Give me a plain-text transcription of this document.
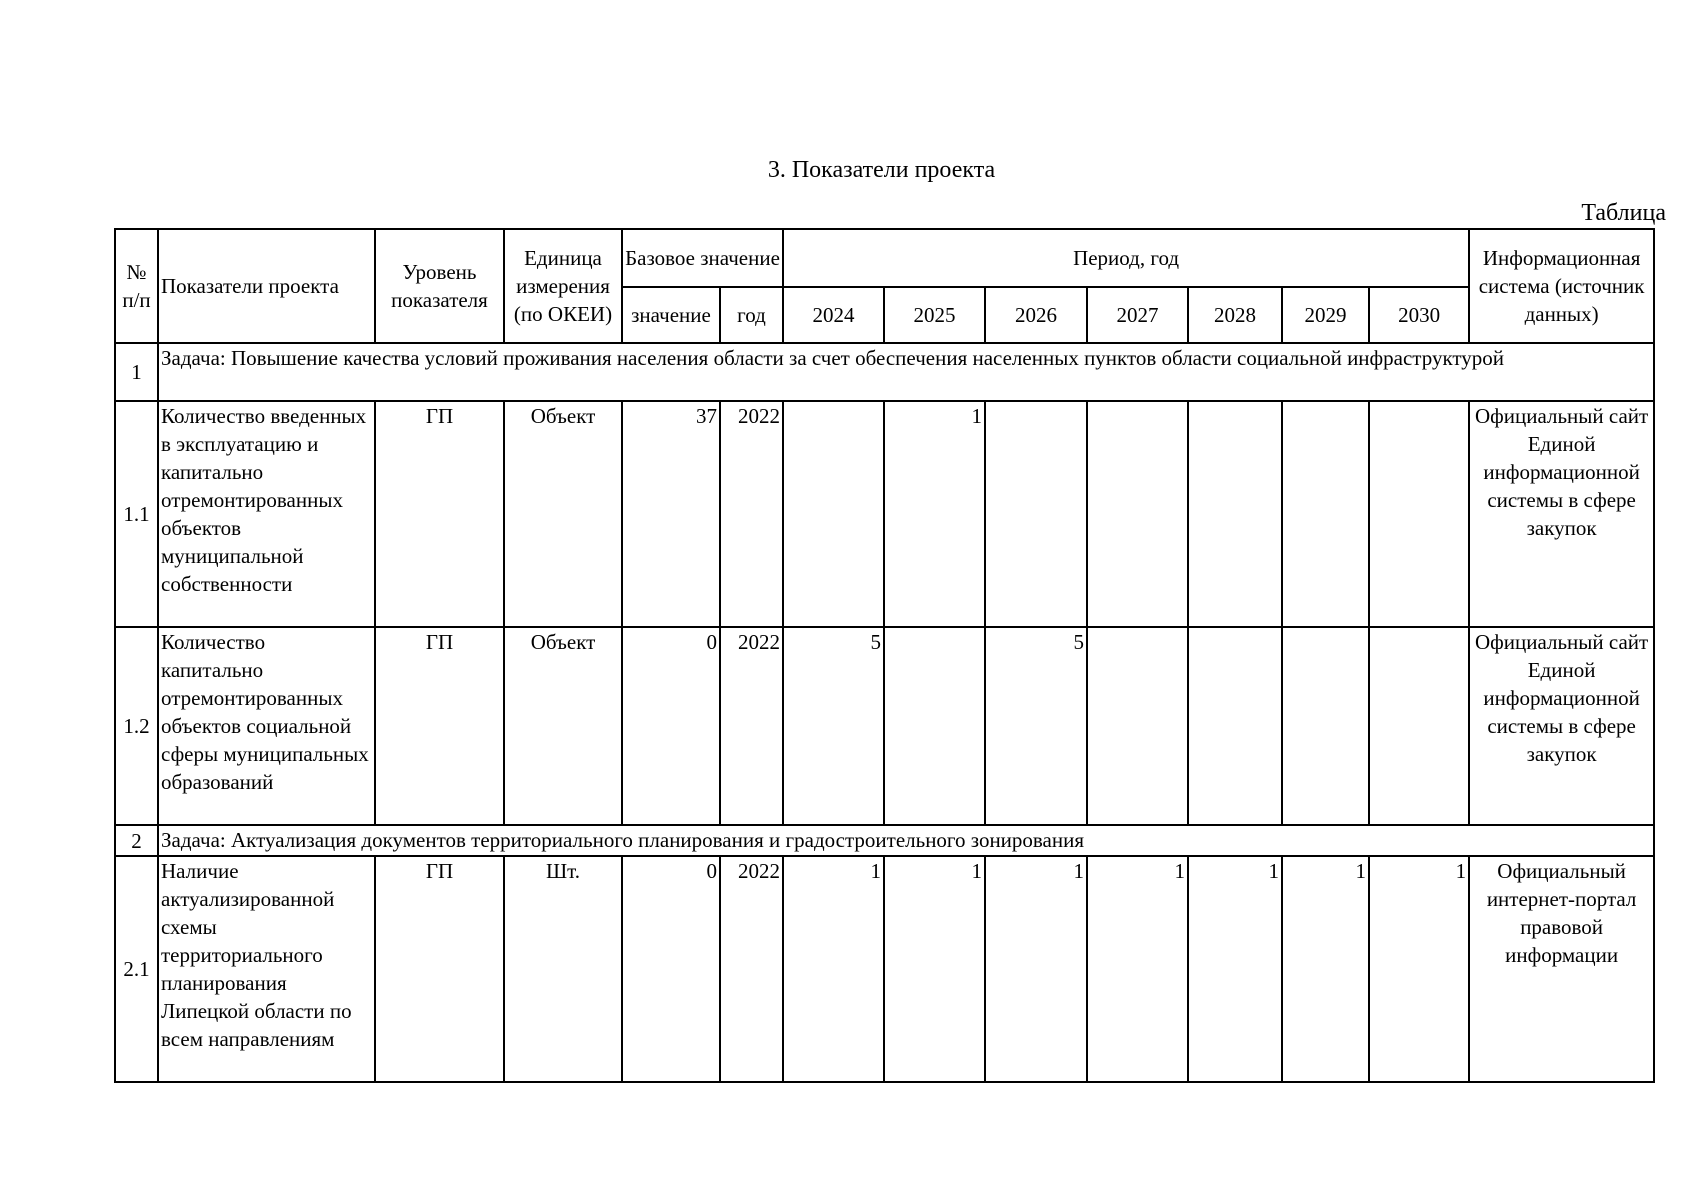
3. Показатели проекта
Таблица
№ п/п	Показатели проекта	Уровень показателя	Единица измерения (по ОКЕИ)	Базовое значение		Период, год							Информационная система (источник данных)
				значение	год	2024	2025	2026	2027	2028	2029	2030	
1	Задача: Повышение качества условий проживания населения области за счет обеспечения населенных пунктов области социальной инфраструктурой												
1.1	Количество введенных в эксплуатацию и капитально отремонтированных объектов муниципальной собственности	ГП	Объект	37	2022		1						Официальный сайт Единой информационной системы в сфере закупок
1.2	Количество капитально отремонтированных объектов социальной сферы муниципальных образований	ГП	Объект	0	2022	5		5					Официальный сайт Единой информационной системы в сфере закупок
2	Задача: Актуализация документов территориального планирования и градостроительного зонирования												
2.1	Наличие актуализированной схемы территориального планирования Липецкой области по всем направлениям	ГП	Шт.	0	2022	1	1	1	1	1	1	1	Официальный интернет-портал правовой информации
